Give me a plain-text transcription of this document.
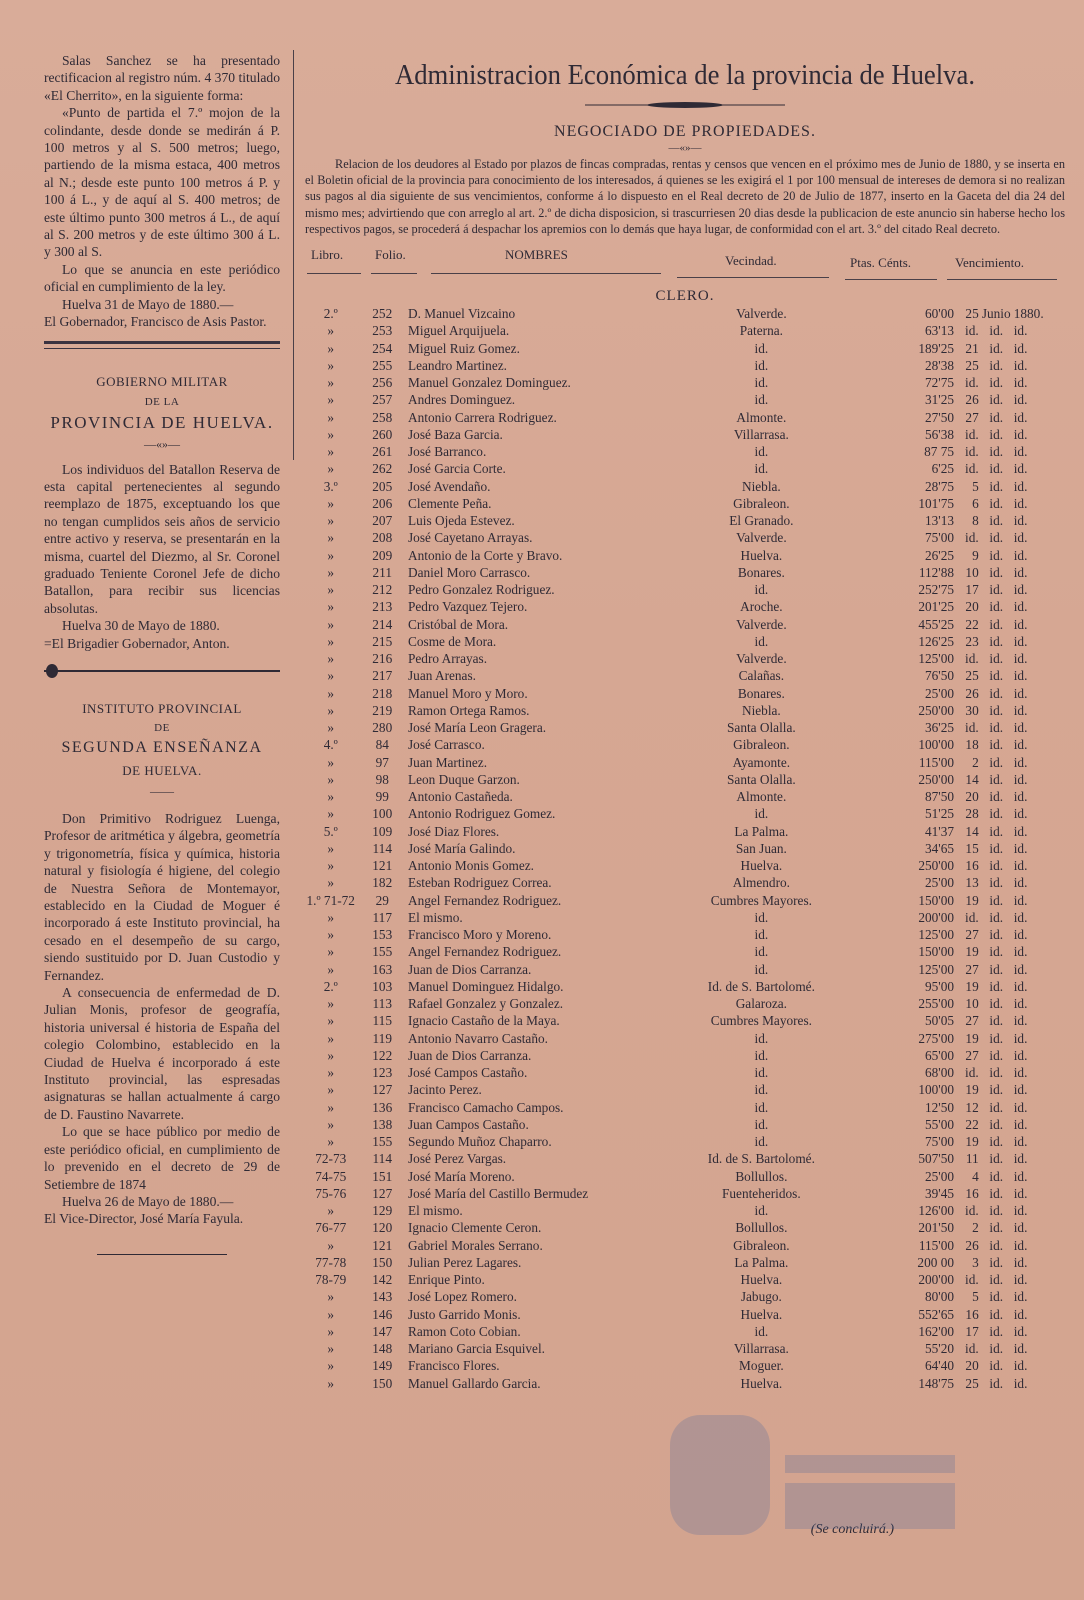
Salas Sanchez se ha presentado rectificacion al registro núm. 4 370 titulado «El Cherrito», en la siguiente forma:

«Punto de partida el 7.º mojon de la colindante, desde donde se medirán á P. 100 metros y al S. 500 metros; luego, partiendo de la misma estaca, 400 metros al N.; desde este punto 100 metros á P. y 100 á L., y de aquí al S. 400 metros; de este último punto 300 metros á L., de aquí al S. 200 metros y de este último 300 á L. y 300 al S.

Lo que se anuncia en este periódico oficial en cumplimiento de la ley.

Huelva 31 de Mayo de 1880.—

El Gobernador, Francisco de Asis Pastor.

GOBIERNO MILITAR
DE LA
PROVINCIA DE HUELVA.
—«»—

Los individuos del Batallon Reserva de esta capital pertenecientes al segundo reemplazo de 1875, exceptuando los que no tengan cumplidos seis años de servicio entre activo y reserva, se presentarán en la misma, cuartel del Diezmo, al Sr. Coronel graduado Teniente Coronel Jefe de dicho Batallon, para recibir sus licencias absolutas.

Huelva 30 de Mayo de 1880.

=El Brigadier Gobernador, Anton.

INSTITUTO PROVINCIAL
DE
SEGUNDA ENSEÑANZA
DE HUELVA.
——

Don Primitivo Rodriguez Luenga, Profesor de aritmética y álgebra, geometría y trigonometría, física y química, historia natural y fisiología é higiene, del colegio de Nuestra Señora de Montemayor, establecido en la Ciudad de Moguer é incorporado á este Instituto provincial, ha cesado en el desempeño de su cargo, siendo sustituido por D. Juan Custodio y Fernandez.

A consecuencia de enfermedad de D. Julian Monis, profesor de geografía, historia universal é historia de España del colegio Colombino, establecido en la Ciudad de Huelva é incorporado á este Instituto provincial, las espresadas asignaturas se hallan actualmente á cargo de D. Faustino Navarrete.

Lo que se hace público por medio de este periódico oficial, en cumplimiento de lo prevenido en el decreto de 29 de Setiembre de 1874

Huelva 26 de Mayo de 1880.—

El Vice-Director, José María Fayula.

Administracion Económica de la provincia de Huelva.
NEGOCIADO DE PROPIEDADES.
—«»—
Relacion de los deudores al Estado por plazos de fincas compradas, rentas y censos que vencen en el próximo mes de Junio de 1880, y se inserta en el Boletin oficial de la provincia para conocimiento de los interesados, á quienes se les exigirá el 1 por 100 mensual de intereses de demora si no realizan sus pagos al dia siguiente de sus vencimientos, conforme á lo dispuesto en el Real decreto de 20 de Julio de 1877, inserto en la Gaceta del dia 24 del mismo mes; advirtiendo que con arreglo al art. 2.º de dicha disposicion, si trascurriesen 20 dias desde la publicacion de este anuncio sin haberse hecho los respectivos pagos, se procederá á despachar los apremios con lo demás que haya lugar, de conformidad con el art. 3.º del citado Real decreto.
Libro. Folio.	NOMBRES	Vecindad.	Ptas. Cénts.	Vencimiento.
CLERO.
2.º	252	D. Manuel Vizcaino	Valverde.	60'00	25	Junio	1880.
»	253	Miguel Arquijuela.	Paterna.	63'13	id.	id.	id.
»	254	Miguel Ruiz Gomez.	id.	189'25	21	id.	id.
»	255	Leandro Martinez.	id.	28'38	25	id.	id.
»	256	Manuel Gonzalez Dominguez.	id.	72'75	id.	id.	id.
»	257	Andres Dominguez.	id.	31'25	26	id.	id.
»	258	Antonio Carrera Rodriguez.	Almonte.	27'50	27	id.	id.
»	260	José Baza Garcia.	Villarrasa.	56'38	id.	id.	id.
»	261	José Barranco.	id.	87 75	id.	id.	id.
»	262	José Garcia Corte.	id.	6'25	id.	id.	id.
3.º	205	José Avendaño.	Niebla.	28'75	5	id.	id.
»	206	Clemente Peña.	Gibraleon.	101'75	6	id.	id.
»	207	Luis Ojeda Estevez.	El Granado.	13'13	8	id.	id.
»	208	José Cayetano Arrayas.	Valverde.	75'00	id.	id.	id.
»	209	Antonio de la Corte y Bravo.	Huelva.	26'25	9	id.	id.
»	211	Daniel Moro Carrasco.	Bonares.	112'88	10	id.	id.
»	212	Pedro Gonzalez Rodriguez.	id.	252'75	17	id.	id.
»	213	Pedro Vazquez Tejero.	Aroche.	201'25	20	id.	id.
»	214	Cristóbal de Mora.	Valverde.	455'25	22	id.	id.
»	215	Cosme de Mora.	id.	126'25	23	id.	id.
»	216	Pedro Arrayas.	Valverde.	125'00	id.	id.	id.
»	217	Juan Arenas.	Calañas.	76'50	25	id.	id.
»	218	Manuel Moro y Moro.	Bonares.	25'00	26	id.	id.
»	219	Ramon Ortega Ramos.	Niebla.	250'00	30	id.	id.
»	280	José María Leon Gragera.	Santa Olalla.	36'25	id.	id.	id.
4.º	84	José Carrasco.	Gibraleon.	100'00	18	id.	id.
»	97	Juan Martinez.	Ayamonte.	115'00	2	id.	id.
»	98	Leon Duque Garzon.	Santa Olalla.	250'00	14	id.	id.
»	99	Antonio Castañeda.	Almonte.	87'50	20	id.	id.
»	100	Antonio Rodriguez Gomez.	id.	51'25	28	id.	id.
5.º	109	José Diaz Flores.	La Palma.	41'37	14	id.	id.
»	114	José María Galindo.	San Juan.	34'65	15	id.	id.
»	121	Antonio Monis Gomez.	Huelva.	250'00	16	id.	id.
»	182	Esteban Rodriguez Correa.	Almendro.	25'00	13	id.	id.
1.º 71-72	29	Angel Fernandez Rodriguez.	Cumbres Mayores.	150'00	19	id.	id.
»	117	El mismo.	id.	200'00	id.	id.	id.
»	153	Francisco Moro y Moreno.	id.	125'00	27	id.	id.
»	155	Angel Fernandez Rodriguez.	id.	150'00	19	id.	id.
»	163	Juan de Dios Carranza.	id.	125'00	27	id.	id.
2.º	103	Manuel Dominguez Hidalgo.	Id. de S. Bartolomé.	95'00	19	id.	id.
»	113	Rafael Gonzalez y Gonzalez.	Galaroza.	255'00	10	id.	id.
»	115	Ignacio Castaño de la Maya.	Cumbres Mayores.	50'05	27	id.	id.
»	119	Antonio Navarro Castaño.	id.	275'00	19	id.	id.
»	122	Juan de Dios Carranza.	id.	65'00	27	id.	id.
»	123	José Campos Castaño.	id.	68'00	id.	id.	id.
»	127	Jacinto Perez.	id.	100'00	19	id.	id.
»	136	Francisco Camacho Campos.	id.	12'50	12	id.	id.
»	138	Juan Campos Castaño.	id.	55'00	22	id.	id.
»	155	Segundo Muñoz Chaparro.	id.	75'00	19	id.	id.
72-73	114	José Perez Vargas.	Id. de S. Bartolomé.	507'50	11	id.	id.
74-75	151	José María Moreno.	Bollullos.	25'00	4	id.	id.
75-76	127	José María del Castillo Bermudez	Fuenteheridos.	39'45	16	id.	id.
»	129	El mismo.	id.	126'00	id.	id.	id.
76-77	120	Ignacio Clemente Ceron.	Bollullos.	201'50	2	id.	id.
»	121	Gabriel Morales Serrano.	Gibraleon.	115'00	26	id.	id.
77-78	150	Julian Perez Lagares.	La Palma.	200 00	3	id.	id.
78-79	142	Enrique Pinto.	Huelva.	200'00	id.	id.	id.
»	143	José Lopez Romero.	Jabugo.	80'00	5	id.	id.
»	146	Justo Garrido Monis.	Huelva.	552'65	16	id.	id.
»	147	Ramon Coto Cobian.	id.	162'00	17	id.	id.
»	148	Mariano Garcia Esquivel.	Villarrasa.	55'20	id.	id.	id.
»	149	Francisco Flores.	Moguer.	64'40	20	id.	id.
»	150	Manuel Gallardo Garcia.	Huelva.	148'75	25	id.	id.
(Se concluirá.)
